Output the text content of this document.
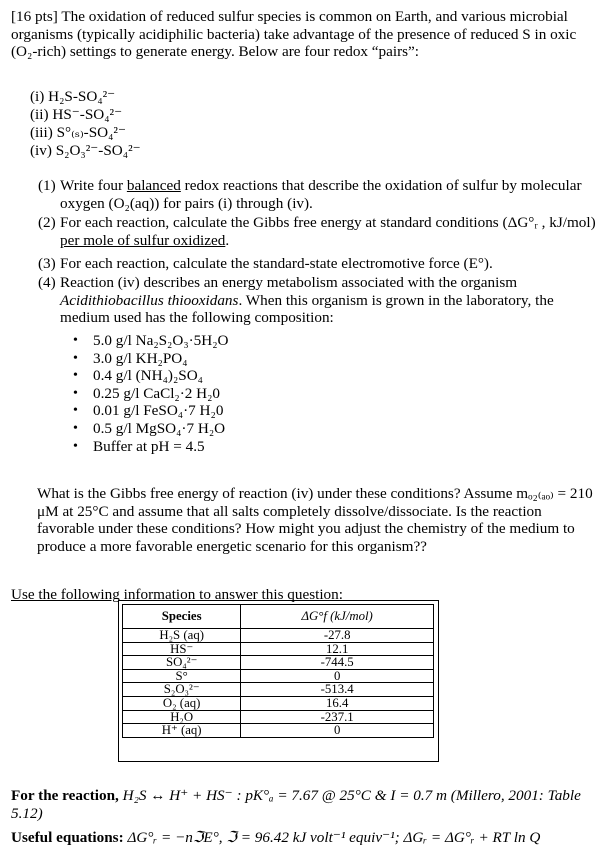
[16 pts] The oxidation of reduced sulfur species is common on Earth, and various microbial organisms (typically acidiphilic bacteria) take advantage of the presence of reduced S in oxic (O₂-rich) settings to generate energy. Below are four redox “pairs”:
(i) H₂S-SO₄²⁻
(ii) HS⁻-SO₄²⁻
(iii) S°₍ₛ₎-SO₄²⁻
(iv) S₂O₃²⁻-SO₄²⁻
(1) Write four balanced redox reactions that describe the oxidation of sulfur by molecular oxygen (O₂(aq)) for pairs (i) through (iv).
(2) For each reaction, calculate the Gibbs free energy at standard conditions (ΔG°ᵣ , kJ/mol) per mole of sulfur oxidized.
(3) For each reaction, calculate the standard-state electromotive force (E°).
(4) Reaction (iv) describes an energy metabolism associated with the organism Acidithiobacillus thiooxidans. When this organism is grown in the laboratory, the medium used has the following composition:
• 5.0 g/l Na₂S₂O₃·5H₂O
• 3.0 g/l KH₂PO₄
• 0.4 g/l (NH₄)₂SO₄
• 0.25 g/l CaCl₂·2 H₂0
• 0.01 g/l FeSO₄·7 H₂0
• 0.5 g/l MgSO₄·7 H₂O
• Buffer at pH = 4.5
What is the Gibbs free energy of reaction (iv) under these conditions? Assume mₒ₂₍ₐₒ₎ = 210 μM at 25°C and assume that all salts completely dissolve/dissociate. Is the reaction favorable under these conditions? How might you adjust the chemistry of the medium to produce a more favorable energetic scenario for this organism??
Use the following information to answer this question:
Species	ΔG°f (kJ/mol)
H₂S (aq)	-27.8
HS⁻	12.1
SO₄²⁻	-744.5
S°	0
S₂O₃²⁻	-513.4
O₂ (aq)	16.4
H₂O	-237.1
H⁺ (aq)	0
For the reaction, H₂S ↔ H⁺ + HS⁻ : pK°ₐ = 7.67 @ 25°C & I = 0.7 m (Millero, 2001: Table 5.12)
Useful equations: ΔG°ᵣ = −nℑE°, ℑ = 96.42 kJ volt⁻¹ equiv⁻¹; ΔGᵣ = ΔG°ᵣ + RT ln Q
